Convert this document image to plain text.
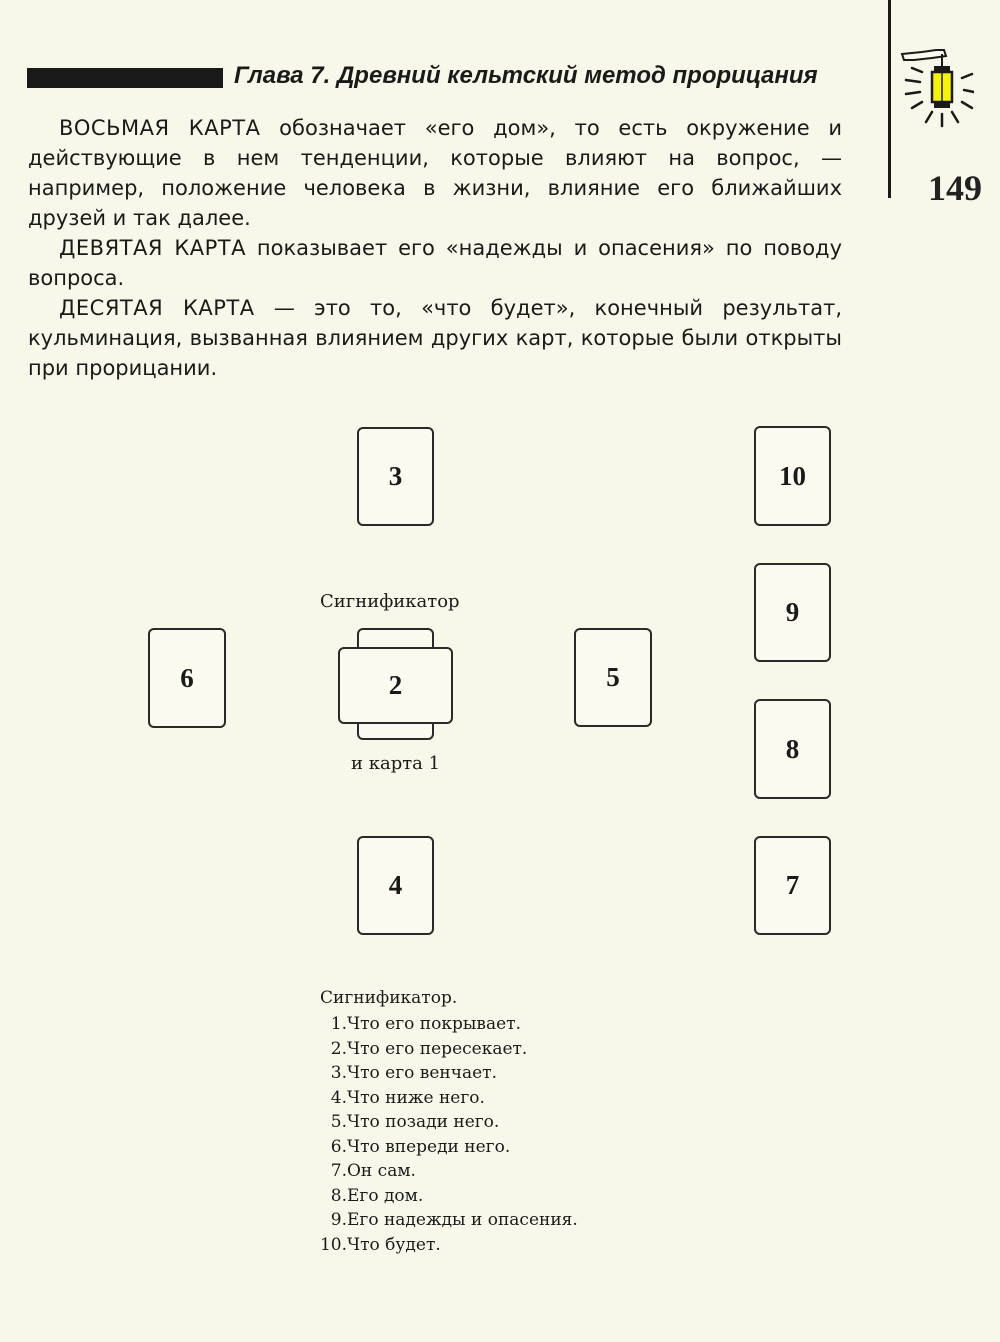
Глава 7. Древний кельтский метод прорицания
149

ВОСЬМАЯ КАРТА обозначает «его дом», то есть окружение и действующие в нем тенденции, которые влияют на вопрос, — например, положение человека в жизни, влияние его ближайших друзей и так далее.

ДЕВЯТАЯ КАРТА показывает его «надежды и опасения» по поводу вопроса.

ДЕСЯТАЯ КАРТА — это то, «что будет», конечный результат, кульминация, вызванная влиянием других карт, которые были открыты при прорицании.

3	10
9
8
7
6	5
4
2
Сигнификатор
и карта 1
Сигнификатор.
1. Что его покрывает.
2. Что его пересекает.
3. Что его венчает.
4. Что ниже него.
5. Что позади него.
6. Что впереди него.
7. Он сам.
8. Его дом.
9. Его надежды и опасения.
10. Что будет.
